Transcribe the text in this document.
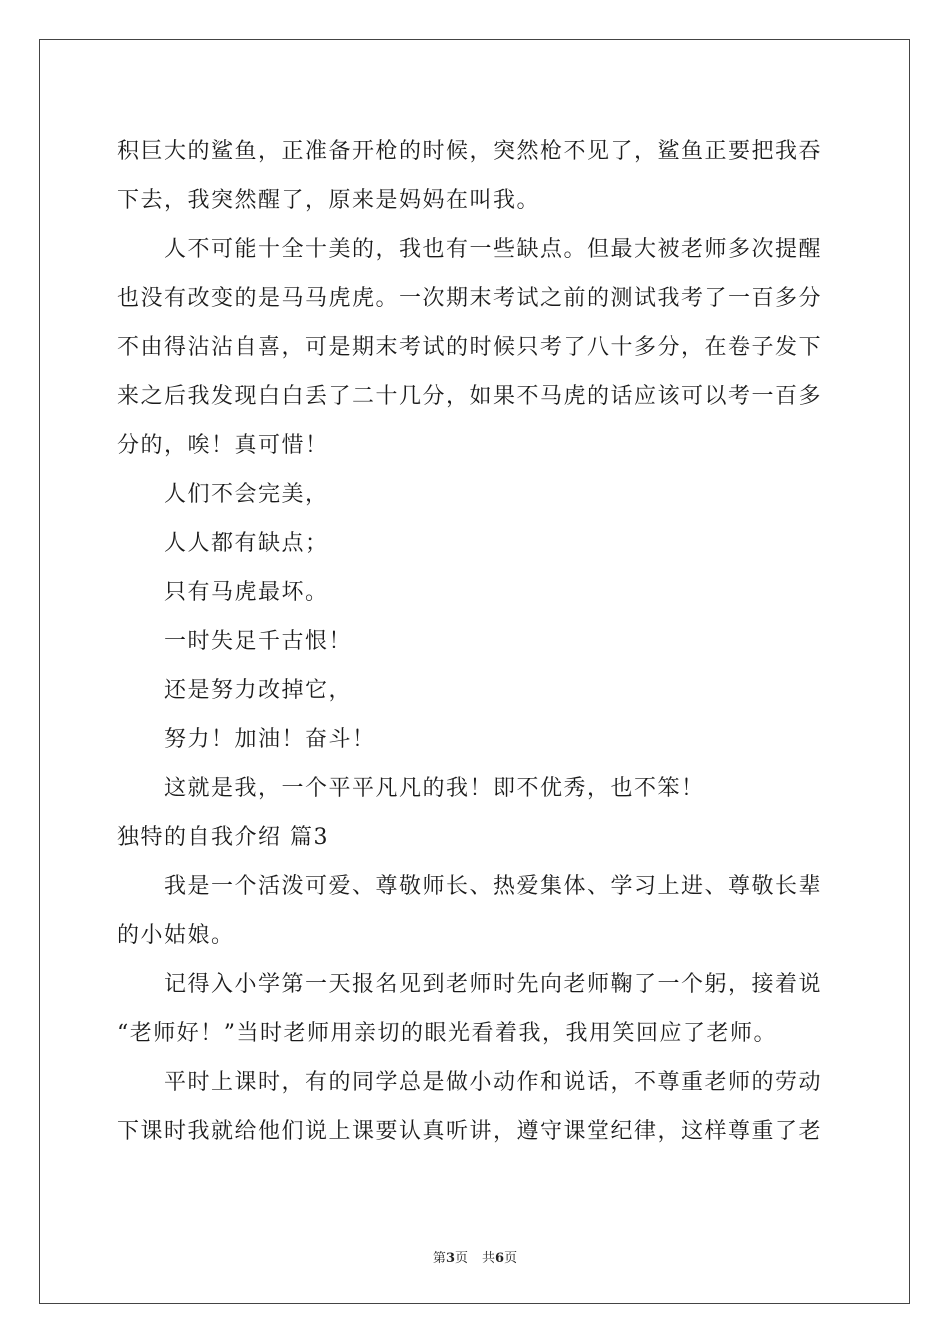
积巨大的鲨鱼，正准备开枪的时候，突然枪不见了，鲨鱼正要把我吞
下去，我突然醒了，原来是妈妈在叫我。
人不可能十全十美的，我也有一些缺点。但最大被老师多次提醒
也没有改变的是马马虎虎。一次期末考试之前的测试我考了一百多分
不由得沾沾自喜，可是期末考试的时候只考了八十多分，在卷子发下
来之后我发现白白丢了二十几分，如果不马虎的话应该可以考一百多
分的，唉！真可惜！
人们不会完美，
人人都有缺点；
只有马虎最坏。
一时失足千古恨！
还是努力改掉它，
努力！加油！奋斗！
这就是我，一个平平凡凡的我！即不优秀，也不笨！
独特的自我介绍 篇3
我是一个活泼可爱、尊敬师长、热爱集体、学习上进、尊敬长辈
的小姑娘。
记得入小学第一天报名见到老师时先向老师鞠了一个躬，接着说
“老师好！”当时老师用亲切的眼光看着我，我用笑回应了老师。
平时上课时，有的同学总是做小动作和说话，不尊重老师的劳动
下课时我就给他们说上课要认真听讲，遵守课堂纪律，这样尊重了老
第3页 共6页
